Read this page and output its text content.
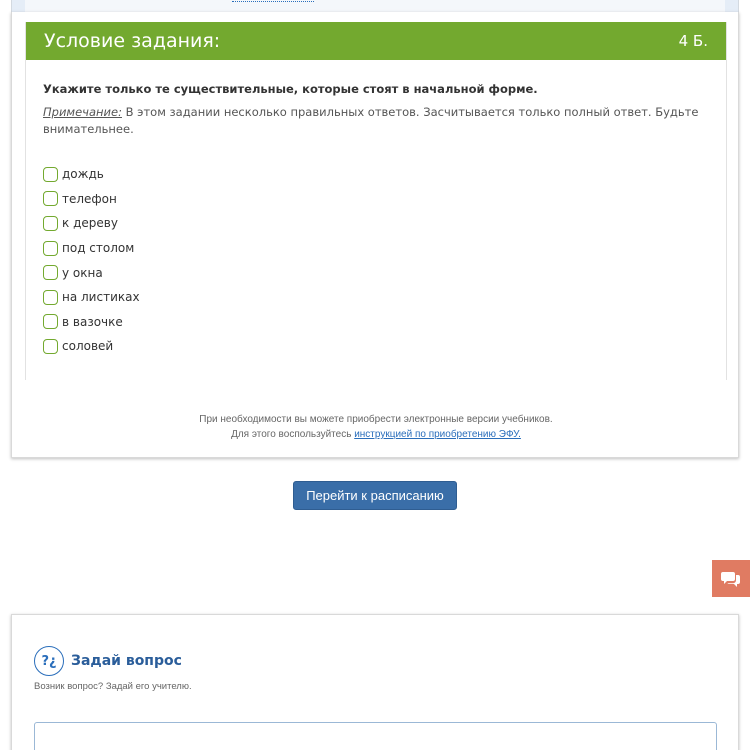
Условие задания:	4 Б.
Укажите только те существительные, которые стоят в начальной форме.
Примечание: В этом задании несколько правильных ответов. Засчитывается только полный ответ. Будьте внимательнее.
дождь
телефон
к дереву
под столом
у окна
на листиках
в вазочке
соловей
При необходимости вы можете приобрести электронные версии учебников.
Для этого воспользуйтесь инструкцией по приобретению ЭФУ.
Перейти к расписанию
?¿	Задай вопрос
Возник вопрос? Задай его учителю.
